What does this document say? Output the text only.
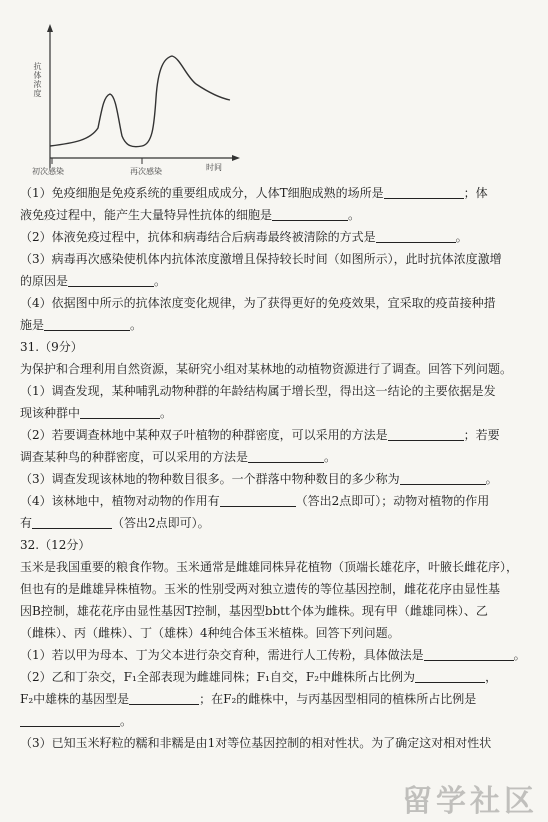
抗体浓度
初次感染	再次感染	时间

（1）免疫细胞是免疫系统的重要组成成分，人体T细胞成熟的场所是	；体

液免疫过程中，能产生大量特异性抗体的细胞是	。

（2）体液免疫过程中，抗体和病毒结合后病毒最终被清除的方式是	。

（3）病毒再次感染使机体内抗体浓度激增且保持较长时间（如图所示），此时抗体浓度激增

的原因是	。

（4）依据图中所示的抗体浓度变化规律，为了获得更好的免疫效果，宜采取的疫苗接种措

施是	。

31.（9分）

为保护和合理利用自然资源，某研究小组对某林地的动植物资源进行了调查。回答下列问题。

（1）调查发现，某种哺乳动物种群的年龄结构属于增长型，得出这一结论的主要依据是发

现该种群中	。

（2）若要调查林地中某种双子叶植物的种群密度，可以采用的方法是	；若要

调查某种鸟的种群密度，可以采用的方法是	。

（3）调查发现该林地的物种数目很多。一个群落中物种数目的多少称为	。

（4）该林地中，植物对动物的作用有	（答出2点即可）；动物对植物的作用

有	（答出2点即可）。

32.（12分）

玉米是我国重要的粮食作物。玉米通常是雌雄同株异花植物（顶端长雄花序，叶腋长雌花序），

但也有的是雌雄异株植物。玉米的性别受两对独立遗传的等位基因控制，雌花花序由显性基

因B控制，雄花花序由显性基因T控制，基因型bbtt个体为雌株。现有甲（雌雄同株）、乙

（雌株）、丙（雌株）、丁（雄株）4种纯合体玉米植株。回答下列问题。

（1）若以甲为母本、丁为父本进行杂交育种，需进行人工传粉，具体做法是	。

（2）乙和丁杂交，F₁全部表现为雌雄同株；F₁自交，F₂中雌株所占比例为	，

F₂中雄株的基因型是	；在F₂的雌株中，与丙基因型相同的植株所占比例是

。

（3）已知玉米籽粒的糯和非糯是由1对等位基因控制的相对性状。为了确定这对相对性状

留学社区
